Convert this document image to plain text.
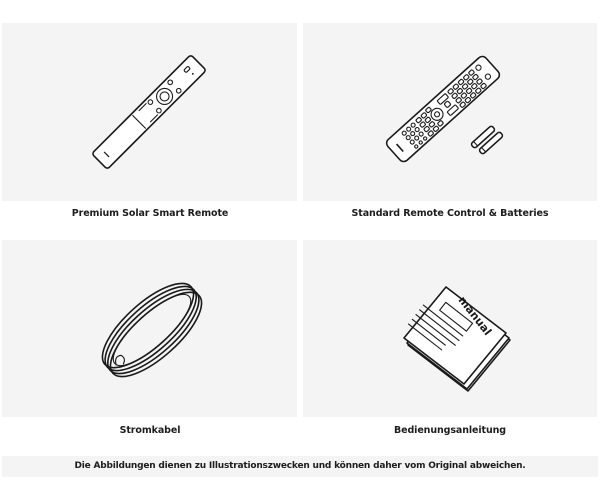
Premium Solar Smart Remote	Standard Remote Control & Batteries
Stromkabel
manual
Bedienungsanleitung
Die Abbildungen dienen zu Illustrationszwecken und können daher vom Original abweichen.
